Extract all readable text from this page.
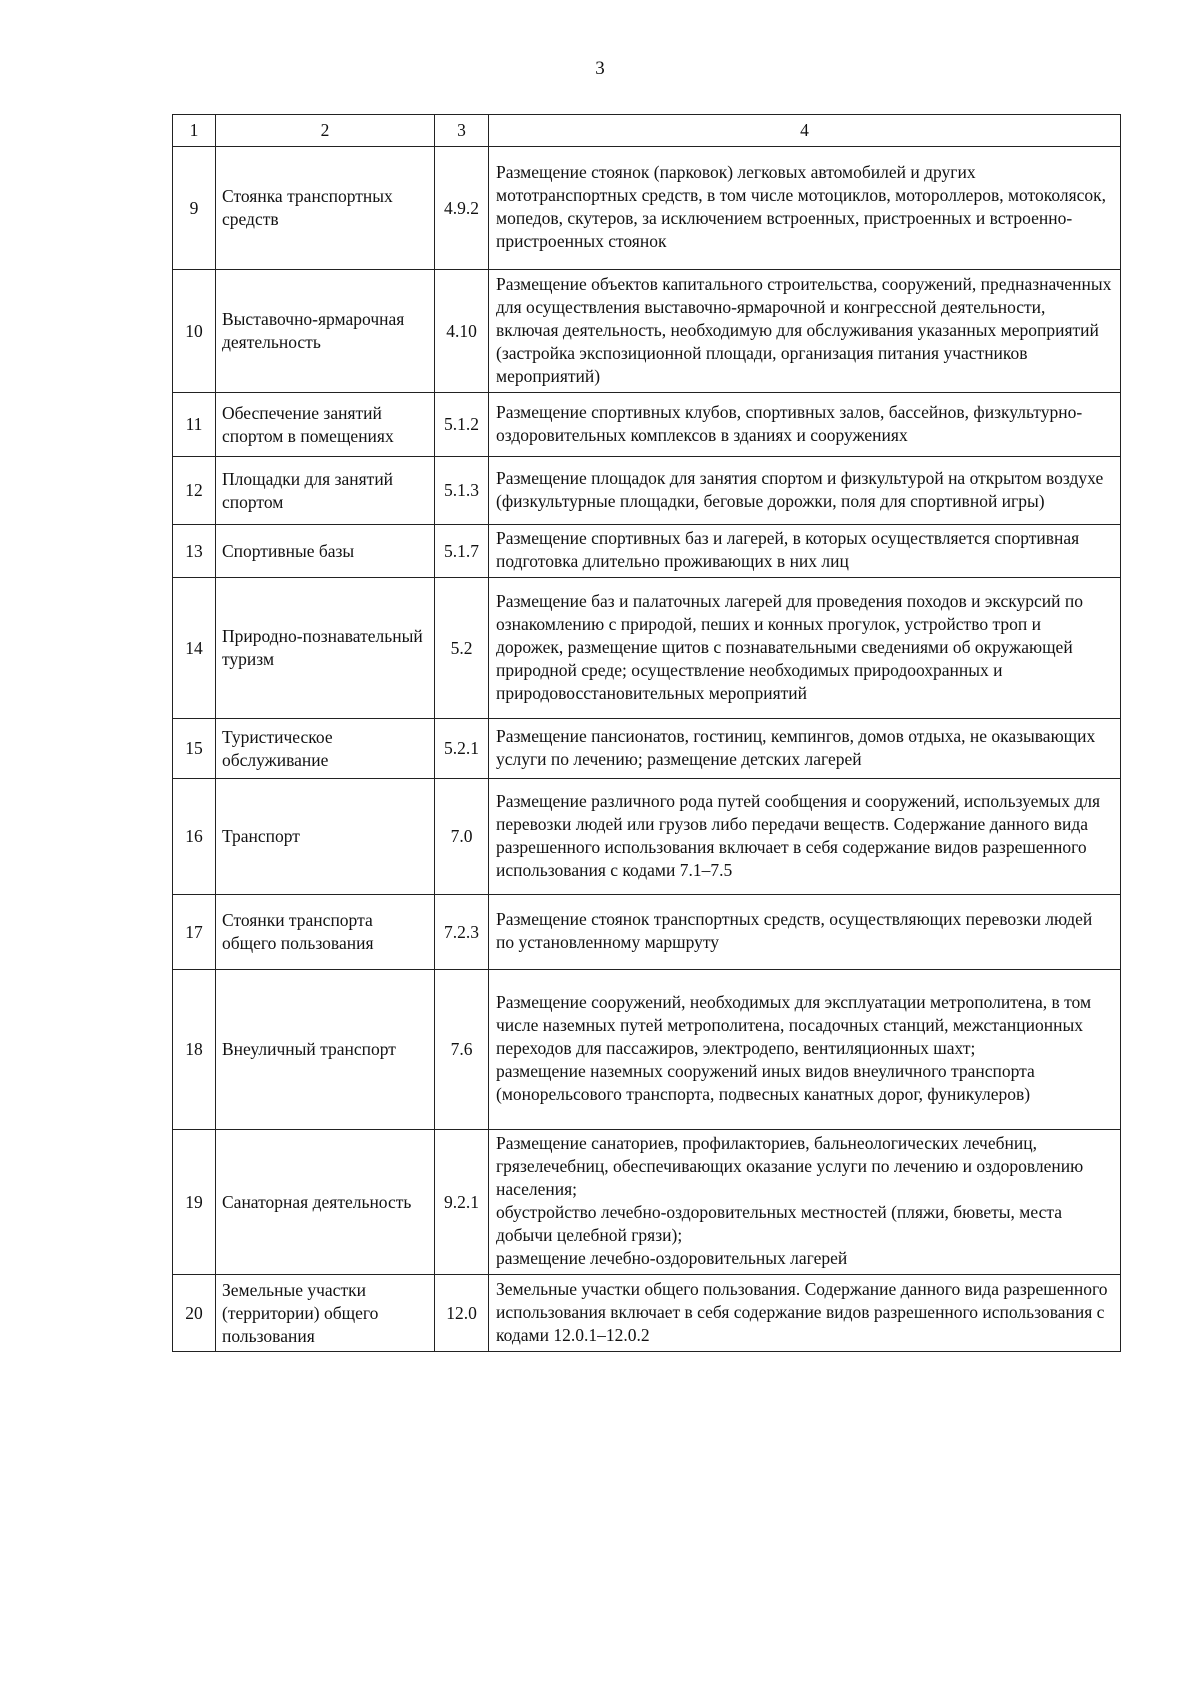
3
1	2	3	4
9	Стоянка транспортных средств	4.9.2	Размещение стоянок (парковок) легковых автомобилей и других мототранспортных средств, в том числе мотоциклов, мотороллеров, мотоколясок, мопедов, скутеров, за исключением встроенных, пристроенных и встроенно-пристроенных стоянок

10	Выставочно-ярмарочная деятельность	4.10	Размещение объектов капитального строительства, сооружений, предназначенных для осуществления выставочно-ярмарочной и конгрессной деятельности, включая деятельность, необходимую для обслуживания указанных мероприятий (застройка экспозиционной площади, организация питания участников мероприятий)

11	Обеспечение занятий спортом в помещениях	5.1.2	Размещение спортивных клубов, спортивных залов, бассейнов, физкультурно-оздоровительных комплексов в зданиях и сооружениях

12	Площадки для занятий спортом	5.1.3	Размещение площадок для занятия спортом и физкультурой на открытом воздухе (физкультурные площадки, беговые дорожки, поля для спортивной игры)

13	Спортивные базы	5.1.7	Размещение спортивных баз и лагерей, в которых осуществляется спортивная подготовка длительно проживающих в них лиц

14	Природно-познавательный туризм	5.2	Размещение баз и палаточных лагерей для проведения походов и экскурсий по ознакомлению с природой, пеших и конных прогулок, устройство троп и дорожек, размещение щитов с познавательными сведениями об окружающей природной среде; осуществление необходимых природоохранных и природовосстановительных мероприятий

15	Туристическое обслуживание	5.2.1	Размещение пансионатов, гостиниц, кемпингов, домов отдыха, не оказывающих услуги по лечению; размещение детских лагерей

16	Транспорт	7.0	Размещение различного рода путей сообщения и сооружений, используемых для перевозки людей или грузов либо передачи веществ. Содержание данного вида разрешенного использования включает в себя содержание видов разрешенного использования с кодами 7.1–7.5

17	Стоянки транспорта общего пользования	7.2.3	Размещение стоянок транспортных средств, осуществляющих перевозки людей по установленному маршруту

18	Внеуличный транспорт	7.6	Размещение сооружений, необходимых для эксплуатации метрополитена, в том числе наземных путей метрополитена, посадочных станций, межстанционных переходов для пассажиров, электродепо, вентиляционных шахт;
размещение наземных сооружений иных видов внеуличного транспорта (монорельсового транспорта, подвесных канатных дорог, фуникулеров)

19	Санаторная деятельность	9.2.1	Размещение санаториев, профилакториев, бальнеологических лечебниц, грязелечебниц, обеспечивающих оказание услуги по лечению и оздоровлению населения;
обустройство лечебно-оздоровительных местностей (пляжи, бюветы, места добычи целебной грязи);
размещение лечебно-оздоровительных лагерей

20	Земельные участки (территории) общего пользования	12.0	Земельные участки общего пользования. Содержание данного вида разрешенного использования включает в себя содержание видов разрешенного использования с кодами 12.0.1–12.0.2
